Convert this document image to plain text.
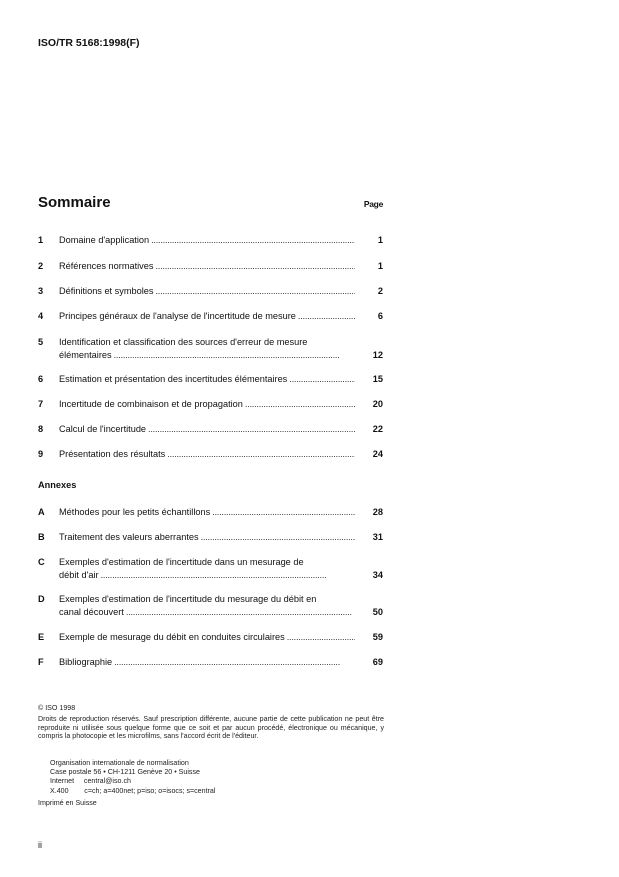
ISO/TR 5168:1998(F)
Sommaire	Page
1 Domaine d'application . . .	1
2 Références normatives . . .	1
3 Définitions et symboles . . .	2
4 Principes généraux de l'analyse de l'incertitude de mesure . . .	6
5 Identification et classification des sources d'erreur de mesure
élémentaires . . .	12
6 Estimation et présentation des incertitudes élémentaires . . .	15
7 Incertitude de combinaison et de propagation . . .	20
8 Calcul de l'incertitude . . .	22
9 Présentation des résultats . . .	24
Annexes
A Méthodes pour les petits échantillons . . .	28
B Traitement des valeurs aberrantes . . .	31
C Exemples d'estimation de l'incertitude dans un mesurage de
débit d'air . . .	34
D Exemples d'estimation de l'incertitude du mesurage du débit en
canal découvert . . .	50
E Exemple de mesurage du débit en conduites circulaires . . .	59
F Bibliographie . . .	69
© ISO 1998
Droits de reproduction réservés. Sauf prescription différente, aucune partie de cette publication ne peut être reproduite ni utilisée sous quelque forme que ce soit et par aucun procédé, électronique ou mécanique, y compris la photocopie et les microfilms, sans l'accord écrit de l'éditeur.
Organisation internationale de normalisation
Case postale 56 • CH-1211 Genève 20 • Suisse
Internet     central@iso.ch
X.400        c=ch; a=400net; p=iso; o=isocs; s=central
Imprimé en Suisse
ii
